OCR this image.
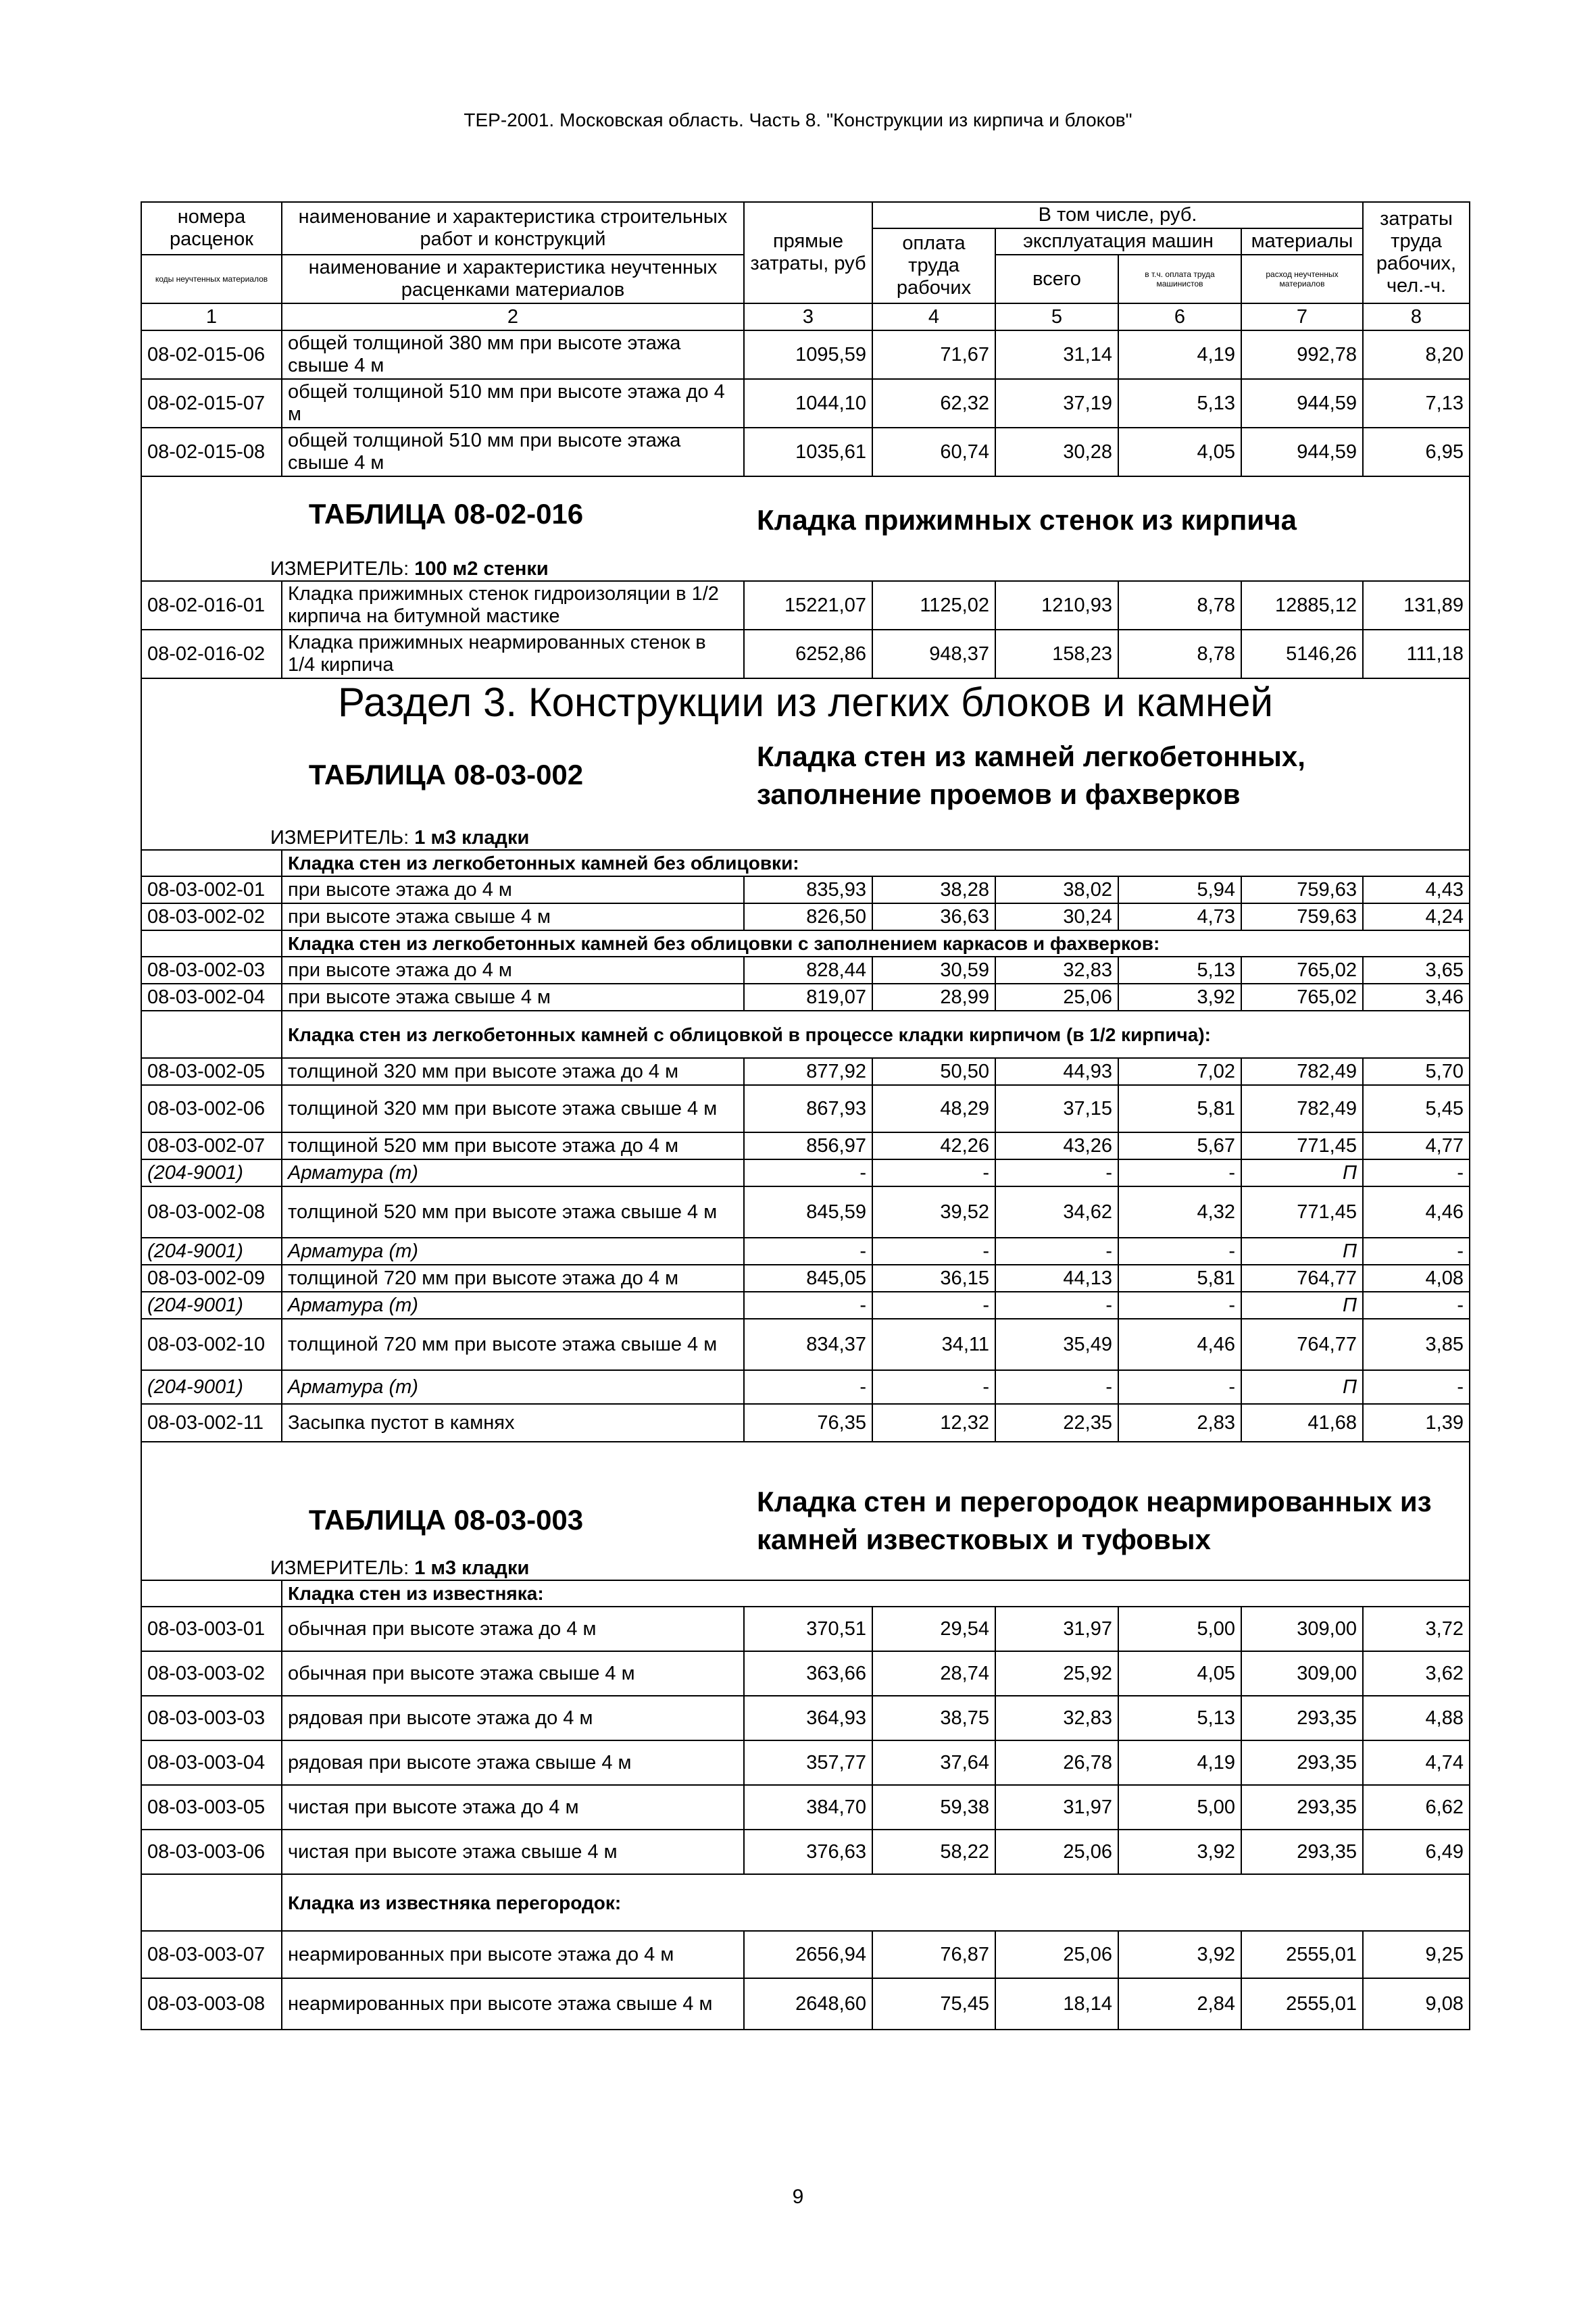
ТЕР-2001. Московская область. Часть 8. "Конструкции из кирпича и блоков"
номера расценок	наименование и характеристика строительных работ и конструкций	прямые затраты, руб	В том числе, руб.				затраты труда рабочих, чел.-ч.
			оплата труда рабочих	эксплуатация машин		материалы	

коды неучтенных материалов	наименование и характеристика неучтенных расценками материалов			всего	в т.ч. оплата труда машинистов	расход неучтенных материалов	

1	2	3	4	5	6	7	8
08-02-015-06	общей толщиной 380 мм при высоте этажа свыше 4 м	1095,59	71,67	31,14	4,19	992,78	8,20
08-02-015-07	общей толщиной 510 мм при высоте этажа до 4 м	1044,10	62,32	37,19	5,13	944,59	7,13
08-02-015-08	общей толщиной 510 мм при высоте этажа свыше 4 м	1035,61	60,74	30,28	4,05	944,59	6,95

ТАБЛИЦА 08-02-016 Кладка прижимных стенок из кирпича							

ИЗМЕРИТЕЛЬ: 100 м2 стенки							
08-02-016-01	Кладка прижимных стенок гидроизоляции в 1/2 кирпича на битумной мастике	15221,07	1125,02	1210,93	8,78	12885,12	131,89
08-02-016-02	Кладка прижимных неармированных стенок в 1/4 кирпича	6252,86	948,37	158,23	8,78	5146,26	111,18
Раздел 3. Конструкции из легких блоков и камней							

ТАБЛИЦА 08-03-002
Кладка стен из камней легкобетонных, заполнение проемов и фахверков							

ИЗМЕРИТЕЛЬ: 1 м3 кладки							
	Кладка стен из легкобетонных камней без облицовки:						
08-03-002-01	при высоте этажа до 4 м	835,93	38,28	38,02	5,94	759,63	4,43
08-03-002-02	при высоте этажа свыше 4 м	826,50	36,63	30,24	4,73	759,63	4,24
	Кладка стен из легкобетонных камней без облицовки с заполнением каркасов и фахверков:						
08-03-002-03	при высоте этажа до 4 м	828,44	30,59	32,83	5,13	765,02	3,65
08-03-002-04	при высоте этажа свыше 4 м	819,07	28,99	25,06	3,92	765,02	3,46
	Кладка стен из легкобетонных камней с облицовкой в процессе кладки кирпичом (в 1/2 кирпича):						
08-03-002-05	толщиной 320 мм при высоте этажа до 4 м	877,92	50,50	44,93	7,02	782,49	5,70
08-03-002-06	толщиной 320 мм при высоте этажа свыше 4 м	867,93	48,29	37,15	5,81	782,49	5,45
08-03-002-07	толщиной 520 мм при высоте этажа до 4 м	856,97	42,26	43,26	5,67	771,45	4,77
(204-9001)	Арматура (т)	-	-	-	-	П	-
08-03-002-08	толщиной 520 мм при высоте этажа свыше 4 м	845,59	39,52	34,62	4,32	771,45	4,46
(204-9001)	Арматура (т)	-	-	-	-	П	-
08-03-002-09	толщиной 720 мм при высоте этажа до 4 м	845,05	36,15	44,13	5,81	764,77	4,08
(204-9001)	Арматура (т)	-	-	-	-	П	-
08-03-002-10	толщиной 720 мм при высоте этажа свыше 4 м	834,37	34,11	35,49	4,46	764,77	3,85
(204-9001)	Арматура (т)	-	-	-	-	П	-
08-03-002-11	Засыпка пустот в камнях	76,35	12,32	22,35	2,83	41,68	1,39

ТАБЛИЦА 08-03-003
Кладка стен и перегородок неармированных из камней известковых и туфовых							

ИЗМЕРИТЕЛЬ: 1 м3 кладки							
	Кладка стен из известняка:						
08-03-003-01	обычная при высоте этажа до 4 м	370,51	29,54	31,97	5,00	309,00	3,72
08-03-003-02	обычная при высоте этажа свыше 4 м	363,66	28,74	25,92	4,05	309,00	3,62
08-03-003-03	рядовая при высоте этажа до 4 м	364,93	38,75	32,83	5,13	293,35	4,88
08-03-003-04	рядовая при высоте этажа свыше 4 м	357,77	37,64	26,78	4,19	293,35	4,74
08-03-003-05	чистая при высоте этажа до 4 м	384,70	59,38	31,97	5,00	293,35	6,62
08-03-003-06	чистая при высоте этажа свыше 4 м	376,63	58,22	25,06	3,92	293,35	6,49
	Кладка из известняка перегородок:						
08-03-003-07	неармированных при высоте этажа до 4 м	2656,94	76,87	25,06	3,92	2555,01	9,25
08-03-003-08	неармированных при высоте этажа свыше 4 м	2648,60	75,45	18,14	2,84	2555,01	9,08
9
